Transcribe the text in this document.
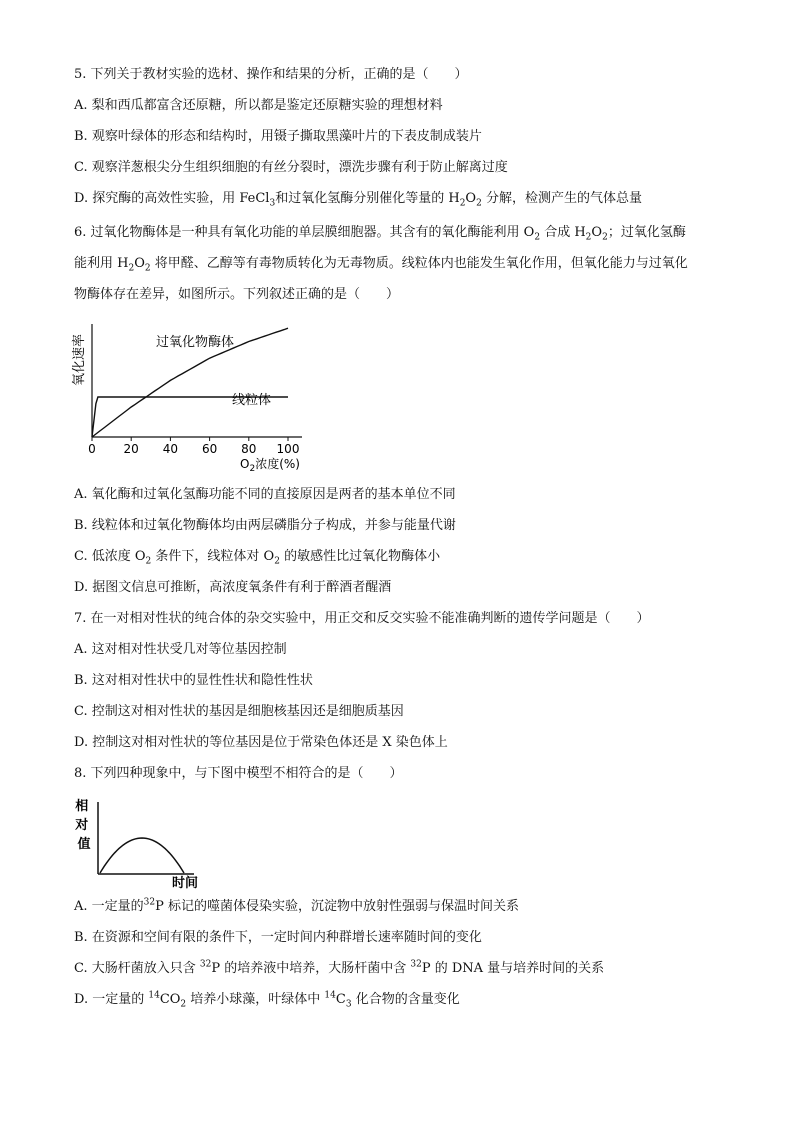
5. 下列关于教材实验的选材、操作和结果的分析，正确的是（　　）
A. 梨和西瓜都富含还原糖，所以都是鉴定还原糖实验的理想材料
B. 观察叶绿体的形态和结构时，用镊子撕取黑藻叶片的下表皮制成装片
C. 观察洋葱根尖分生组织细胞的有丝分裂时，漂洗步骤有利于防止解离过度
D. 探究酶的高效性实验，用 FeCl$_3$和过氧化氢酶分别催化等量的 $H_2O_2$ 分解，检测产生的气体总量
6. 过氧化物酶体是一种具有氧化功能的单层膜细胞器。其含有的氧化酶能利用 $O_2$ 合成 $H_2O_2$；过氧化氢酶
能利用 $H_2O_2$ 将甲醛、乙醇等有毒物质转化为无毒物质。线粒体内也能发生氧化作用，但氧化能力与过氧化
物酶体存在差异，如图所示。下列叙述正确的是（　　）
氧化速率
0 20 40 60 80 100
过氧化物酶体
线粒体
$O_2$浓度(%)
A. 氧化酶和过氧化氢酶功能不同的直接原因是两者的基本单位不同
B. 线粒体和过氧化物酶体均由两层磷脂分子构成，并参与能量代谢
C. 低浓度 $O_2$ 条件下，线粒体对 $O_2$ 的敏感性比过氧化物酶体小
D. 据图文信息可推断，高浓度氧条件有利于醉酒者醒酒
7. 在一对相对性状的纯合体的杂交实验中，用正交和反交实验不能准确判断的遗传学问题是（　　）
A. 这对相对性状受几对等位基因控制
B. 这对相对性状中的显性性状和隐性性状
C. 控制这对相对性状的基因是细胞核基因还是细胞质基因
D. 控制这对相对性状的等位基因是位于常染色体还是 X 染色体上
8. 下列四种现象中，与下图中模型不相符合的是（　　）
相 对 值
时间
A. 一定量的$^{32}$P 标记的噬菌体侵染实验，沉淀物中放射性强弱与保温时间关系
B. 在资源和空间有限的条件下，一定时间内种群增长速率随时间的变化
C. 大肠杆菌放入只含 $^{32}$P 的培养液中培养，大肠杆菌中含 $^{32}$P 的 DNA 量与培养时间的关系
D. 一定量的 $^{14}CO_2$ 培养小球藻，叶绿体中 $^{14}C_3$ 化合物的含量变化
